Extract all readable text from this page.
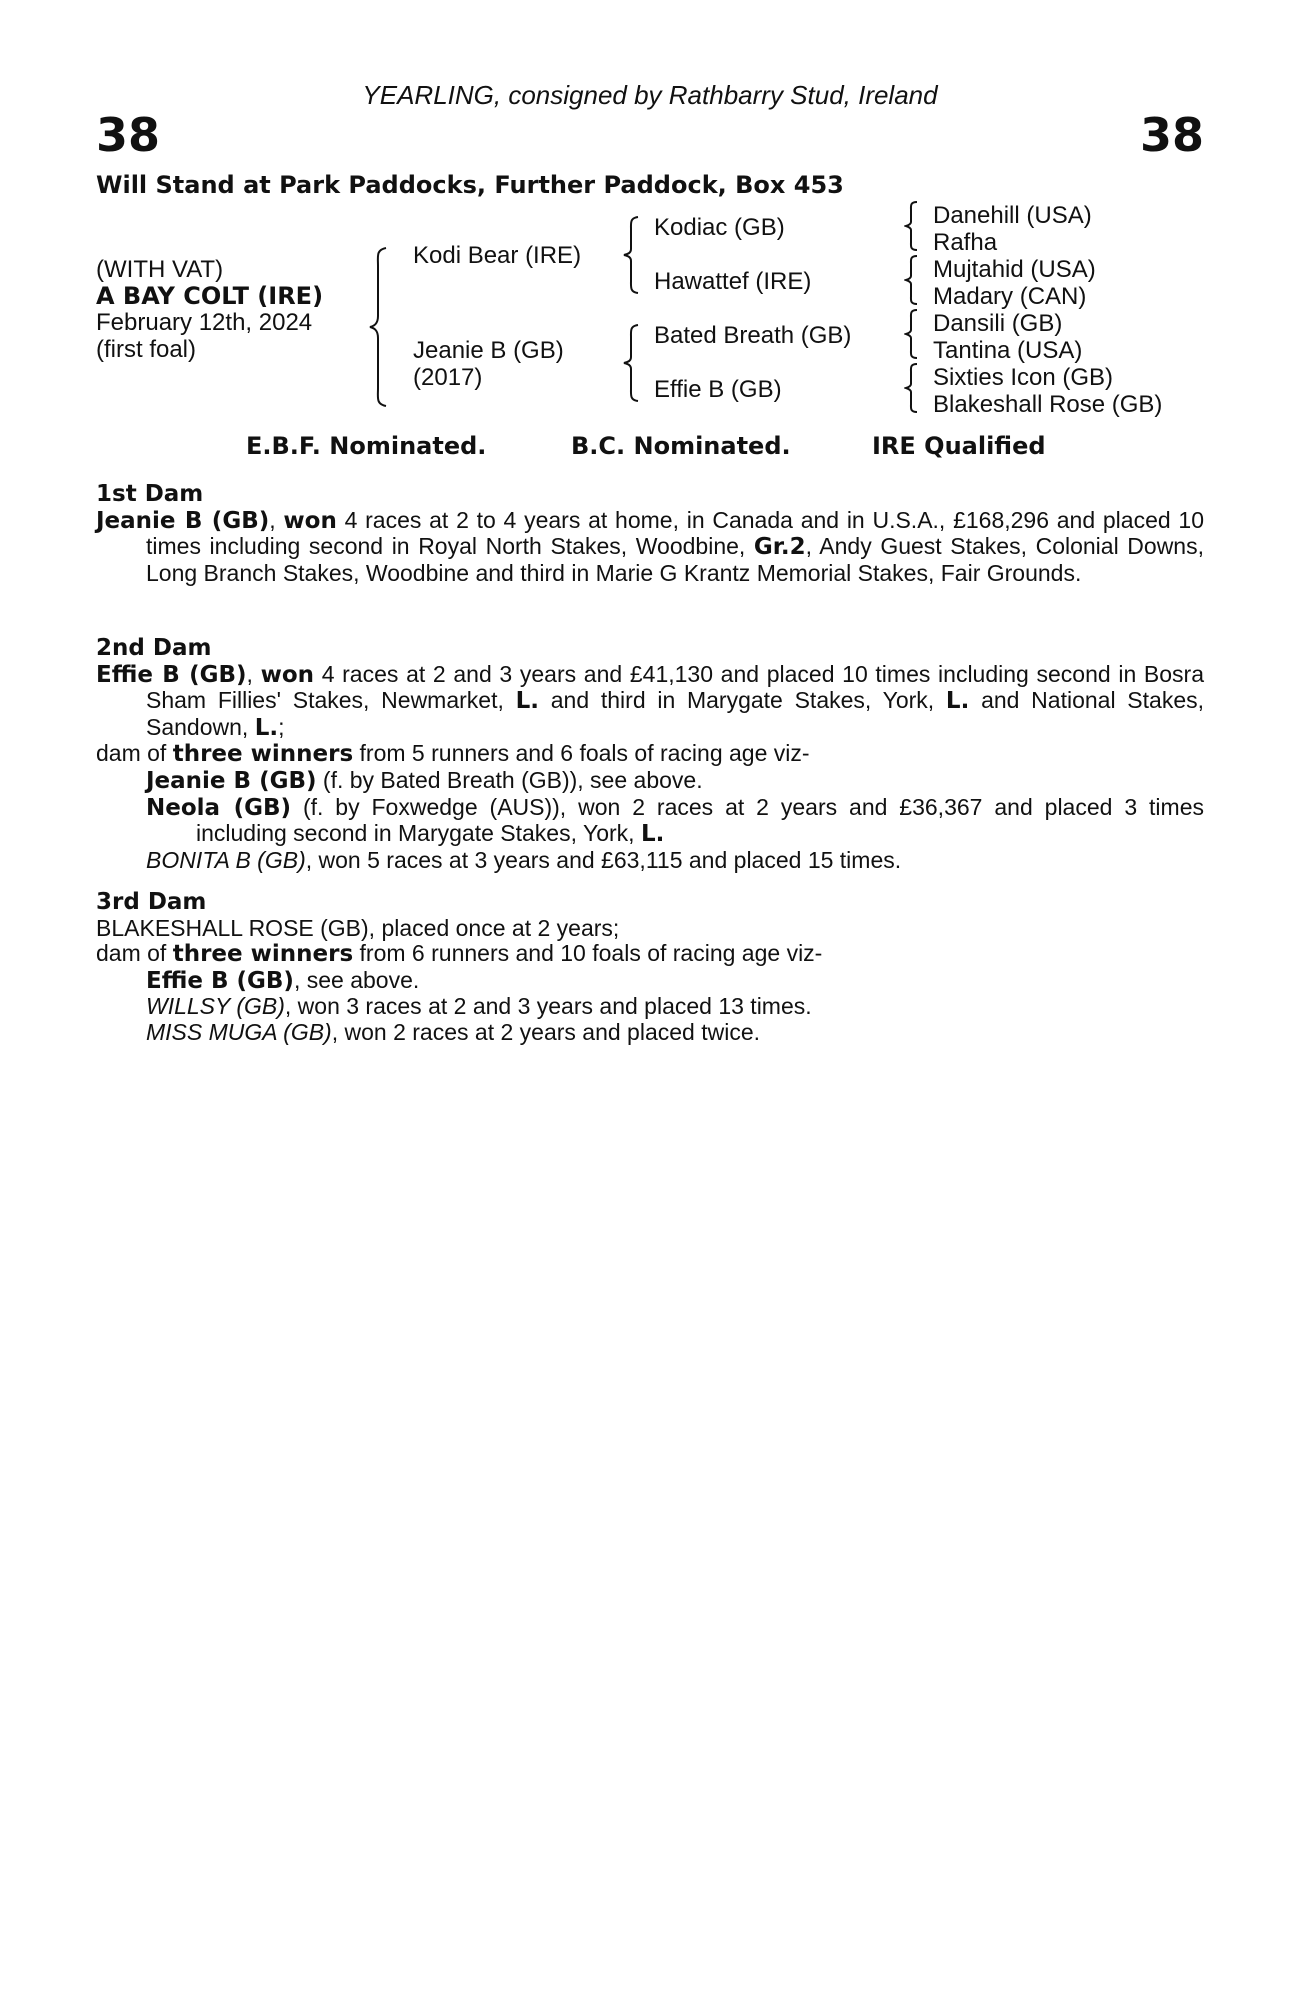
YEARLING, consigned by Rathbarry Stud, Ireland
38	38
Will Stand at Park Paddocks, Further Paddock, Box 453
(WITH VAT)
A BAY COLT (IRE)
February 12th, 2024
(first foal)
Kodi Bear (IRE)
Jeanie B (GB)
(2017)
Kodiac (GB)
Hawattef (IRE)
Bated Breath (GB)
Effie B (GB)
Danehill (USA)
Rafha
Mujtahid (USA)
Madary (CAN)
Dansili (GB)
Tantina (USA)
Sixties Icon (GB)
Blakeshall Rose (GB)
E.B.F. Nominated.	B.C. Nominated.	IRE Qualified
1st Dam
Jeanie B (GB), won 4 races at 2 to 4 years at home, in Canada and in U.S.A., £168,296 and placed 10 times including second in Royal North Stakes, Woodbine, Gr.2, Andy Guest Stakes, Colonial Downs, Long Branch Stakes, Woodbine and third in Marie G Krantz Memorial Stakes, Fair Grounds.
2nd Dam
Effie B (GB), won 4 races at 2 and 3 years and £41,130 and placed 10 times including second in Bosra Sham Fillies' Stakes, Newmarket, L. and third in Marygate Stakes, York, L. and National Stakes, Sandown, L.;
dam of three winners from 5 runners and 6 foals of racing age viz-
Jeanie B (GB) (f. by Bated Breath (GB)), see above.
Neola (GB) (f. by Foxwedge (AUS)), won 2 races at 2 years and £36,367 and placed 3 times including second in Marygate Stakes, York, L.
BONITA B (GB), won 5 races at 3 years and £63,115 and placed 15 times.
3rd Dam
BLAKESHALL ROSE (GB), placed once at 2 years;
dam of three winners from 6 runners and 10 foals of racing age viz-
Effie B (GB), see above.
WILLSY (GB), won 3 races at 2 and 3 years and placed 13 times.
MISS MUGA (GB), won 2 races at 2 years and placed twice.
